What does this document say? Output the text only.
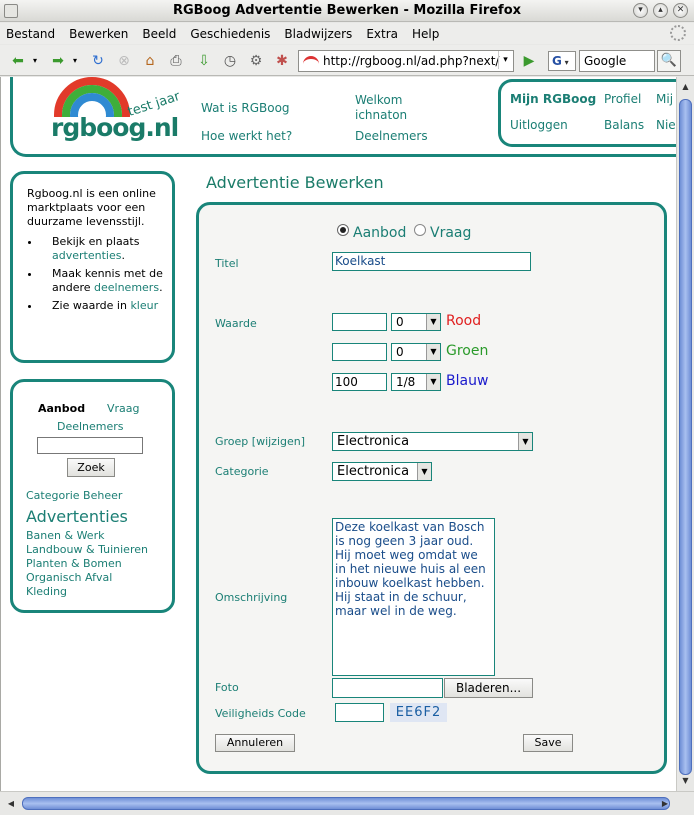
RGBoog Advertentie Bewerken - Mozilla Firefox	▾	▴	✕
Bestand Bewerken Beeld Geschiedenis Bladwijzers Extra Help
⬅	▾ ➡	▾ ↻ ⊗	⌂	⎙	⇩ ◷ ⚙ ✱	http://rgboog.nl/ad.php?next/ ▾	▶	G ▾	Google	🔍
rgboog.nl
test jaar Wat is RGBoog
Hoe werkt het?
Welkom ichnaton
Deelnemers
Mijn RGBoog Profiel Mij
Uitloggen	Balans Nie
Rgboog.nl is een online marktplaats voor een duurzame levensstijl.
• Bekijk en plaats advertenties.
• Maak kennis met de andere deelnemers.
• Zie waarde in kleur
Aanbod Vraag
Deelnemers
Zoek
Categorie Beheer
Advertenties
Banen & Werk
Landbouw & Tuinieren
Planten & Bomen
Organisch Afval
Kleding
Advertentie Bewerken
Aanbod Vraag
Titel	Koelkast
Waarde	0	▼ Rood
0	▼ Groen
100	1/8	▼ Blauw
Groep [wijzigen]	Electronica	▼
Categorie	Electronica	▼
Omschrijving
Deze koelkast van Bosch is nog geen 3 jaar oud. Hij moet weg omdat we in het nieuwe huis al een inbouw koelkast hebben. Hij staat in de schuur, maar wel in de weg.
Foto	Bladeren...
Veiligheids Code	EE6F2
Annuleren	Save
▲
▼
◀	▶
